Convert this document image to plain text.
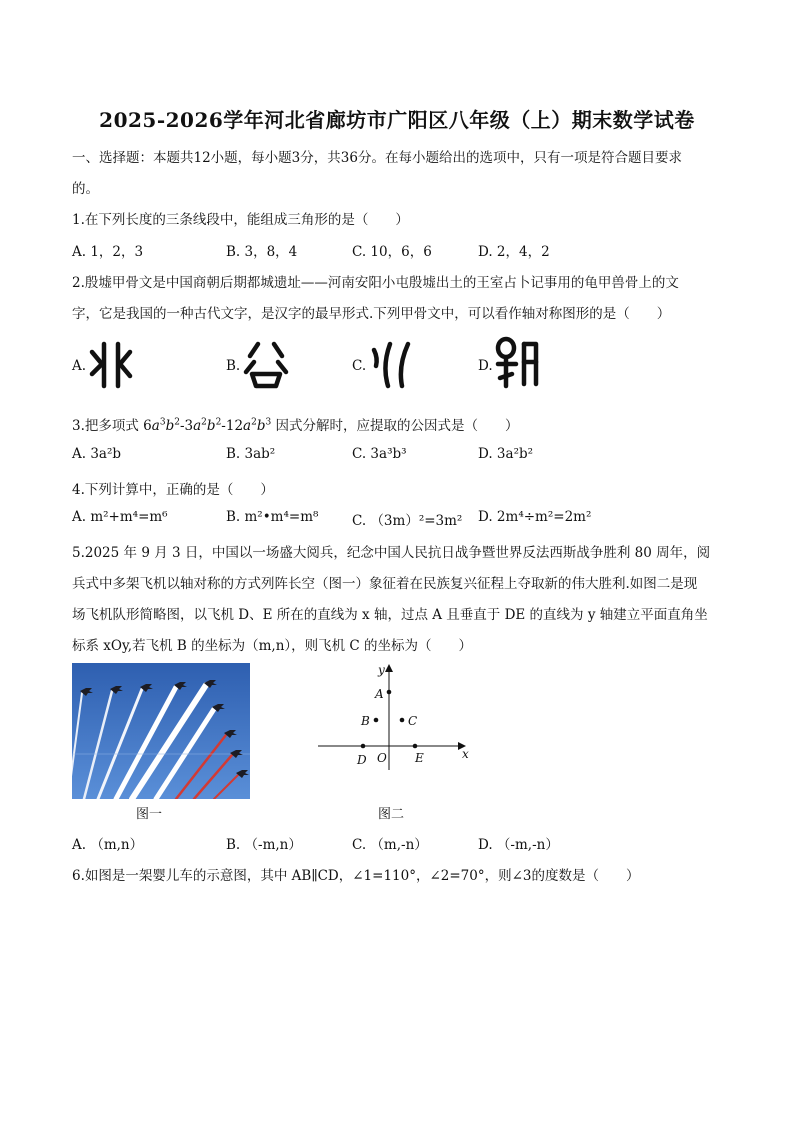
2025-2026学年河北省廊坊市广阳区八年级（上）期末数学试卷
一、选择题：本题共12小题，每小题3分，共36分。在每小题给出的选项中，只有一项是符合题目要求
的。
1.在下列长度的三条线段中，能组成三角形的是（　　）
A. 1，2，3	B. 3，8，4	C. 10，6，6	D. 2，4，2
2.殷墟甲骨文是中国商朝后期都城遗址——河南安阳小屯殷墟出土的王室占卜记事用的龟甲兽骨上的文
字，它是我国的一种古代文字，是汉字的最早形式.下列甲骨文中，可以看作轴对称图形的是（　　）
A.	B.	C.	D.
3.把多项式 $6a^3b^2-3a^2b^2-12a^2b^3$ 因式分解时，应提取的公因式是（　　）
A. 3a²b	B. 3ab²	C. 3a³b³	D. 3a²b²
4.下列计算中，正确的是（　　）
A. m²+m⁴=m⁶	B. m²•m⁴=m⁸ C. （3m）²=3m² D. 2m⁴÷m²=2m²
5.2025 年 9 月 3 日，中国以一场盛大阅兵，纪念中国人民抗日战争暨世界反法西斯战争胜利 80 周年，阅
兵式中多架飞机以轴对称的方式列阵长空（图一）象征着在民族复兴征程上夺取新的伟大胜利.如图二是现
场飞机队形简略图，以飞机 D、E 所在的直线为 x 轴，过点 A 且垂直于 DE 的直线为 y 轴建立平面直角坐
标系 xOy,若飞机 B 的坐标为（m,n），则飞机 C 的坐标为（　　）
图一
y
x
O
A
B	C
D	E
图二
A. （m,n）	B. （-m,n）	C. （m,-n）	D. （-m,-n）
6.如图是一架婴儿车的示意图，其中 AB∥CD，∠1=110°，∠2=70°，则∠3的度数是（　　）
